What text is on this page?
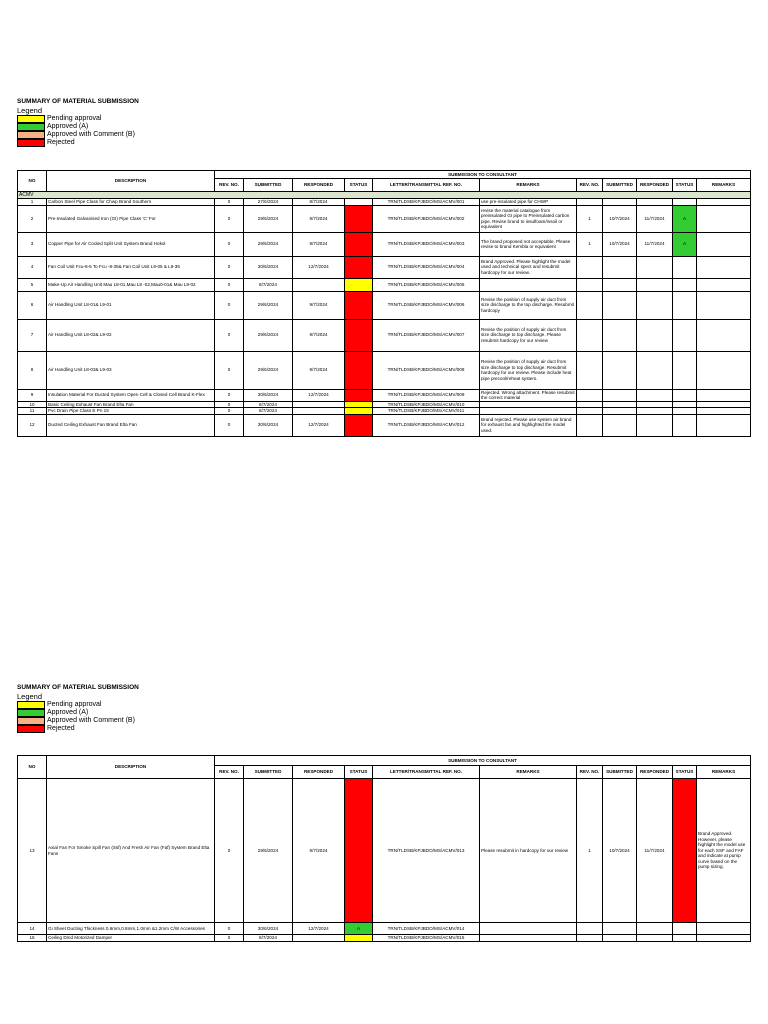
SUMMARY OF MATERIAL SUBMISSION
Legend
Pending approval
Approved (A)
Approved with Comment (B)
Rejected
NO	DESCRIPTION	SUBMISSION TO CONSULTANT										
		REV. NO.	SUBMITTED	RESPONDED	STATUS	LETTER/TRANSMITTAL REF. NO.	REMARKS	REV. NO.	SUBMITTED	RESPONDED	STATUS	REMARKS
ACMV												
1	Carbon Steel Pipe Class for Chwp Brand Southern	0	27/6/2024	8/7/2024		TRN/TLDSB/KPJBDO/MS/ACMV/001	use pre-insulated pipe for CHWP					
2	Pre-Insulated Galvanised Iron (GI) Pipe Class 'C' For	0	29/6/2024	9/7/2024		TRN/TLDSB/KPJBDO/MS/ACMV/002	revise the material catalogue from preinsulated GI pipe to Preinsulated carbon pipe. Revise brand to insulfoam/insoil or equivalent	1	10/7/2024	11/7/2024	A	
3	Copper Pipe for Air Cooled Split Unit System Brand Hokol	0	29/6/2024	9/7/2024		TRN/TLDSB/KPJBDO/MS/ACMV/003	The brand proposed not acceptable. Please revise to brand Kembla or equivalent	1	10/7/2024	11/7/2024	A	
4	Fan Coil Unit Fcu-8-5 To Fcu -8-35& Fan Coil Unit L9-05 & L9-36	0	30/6/2024	12/7/2024		TRN/TLDSB/KPJBDO/MS/ACMV/004	Brand Approved. Please highlight the model used and technical spect and resubmit hardcopy for our review.					
5	Make-Up Air Handling Unit Mau L8-01,Mau L8 -02,Mau0-01& Mau L9-02	0	8/7/2024			TRN/TLDSB/KPJBDO/MS/ACMV/005						
6	Air Handling Unit L8-01& L9-01	0	29/6/2024	9/7/2024		TRN/TLDSB/KPJBDO/MS/ACMV/006	Revise the position of supply air duct from size discharge to the top discharge. Resubmit hardcopy					
7	Air Handling Unit L8-02& L9-02	0	29/6/2024	9/7/2024		TRN/TLDSB/KPJBDO/MS/ACMV/007	Revise the position of supply air duct from size discharge to top discharge. Please resubmit hardcopy for our review					
8	Air Handling Unit L8-03& L9-03	0	29/6/2024	9/7/2024		TRN/TLDSB/KPJBDO/MS/ACMV/008	Revise the position of supply air duct from size discharge to top discharge. Resubmit hardcopy for our review. Please include heat pipe precool/reheat system.					
9	Insulation Material For Ducted System Open Cell & Closed Cell Brand K-Flex	0	30/6/2024	12/7/2024		TRN/TLDSB/KPJBDO/MS/ACMV/009	Rejected. Wrong attachment. Please resubmit the correct material					
10	Basic Ceiling Exhaust Fan Brand Elta Fan	0	8/7/2024			TRN/TLDSB/KPJBDO/MS/ACMV/010						
11	Pvc Drain Pipe Class E Pn 15	0	8/7/2024			TRN/TLDSB/KPJBDO/MS/ACMV/011						
12	Ducted Ceiling Exhaust Fan Brand Elta Fan	0	30/6/2024	12/7/2024		TRN/TLDSB/KPJBDO/MS/ACMV/012	Brand rejected. Please use system air brand for exhaust fan and highlighted the model used.					
SUMMARY OF MATERIAL SUBMISSION
Legend
Pending approval
Approved (A)
Approved with Comment (B)
Rejected
NO	DESCRIPTION	SUBMISSION TO CONSULTANT										
		REV. NO.	SUBMITTED	RESPONDED	STATUS	LETTER/TRANSMITTAL REF. NO.	REMARKS	REV. NO.	SUBMITTED	RESPONDED	STATUS	REMARKS
13	Axial Fan For Smoke Spill Fan (Ssf) And Fresh Air Fan (Faf) System Brand Elta Fans	0	29/6/2024	9/7/2024		TRN/TLDSB/KPJBDO/MS/ACMV/013	Please resubmit in hardcopy for our review	1	10/7/2024	11/7/2024		Brand Approved. However, please highlight the model use for each SSF and FAF and indicate at pump curve based on the pump sizing.
14	Gi Sheet Ducting Thickness 0.6mm,0.8mm,1.0mm &1.2mm C/W Accessories	0	30/6/2024	12/7/2024	A	TRN/TLDSB/KPJBDO/MS/ACMV/014						
15	Ceiling Dmd Motorized Damper	0	8/7/2024			TRN/TLDSB/KPJBDO/MS/ACMV/015						
